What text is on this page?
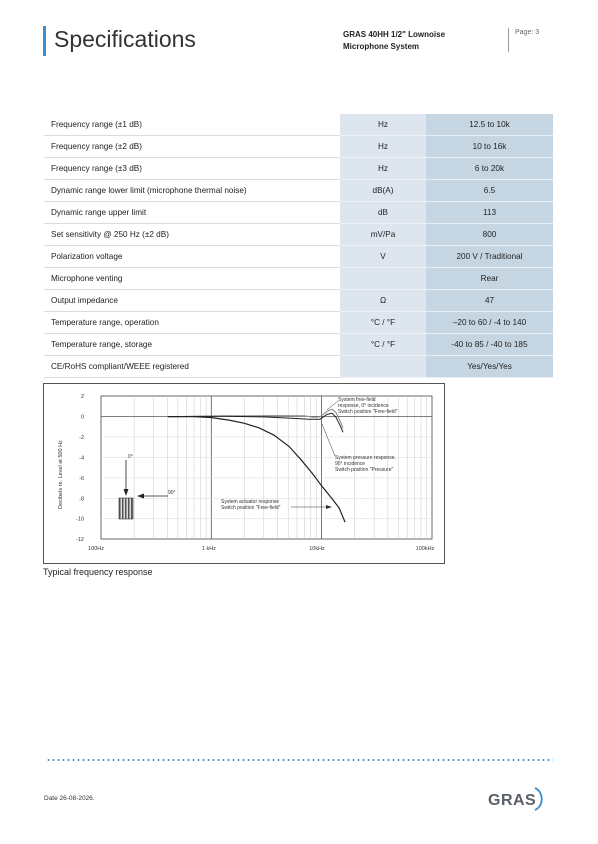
Specifications	GRAS 40HH 1/2" Lownoise
Microphone System
Page: 3
Frequency range (±1 dB)	Hz	12.5 to 10k
Frequency range (±2 dB)	Hz	10 to 16k
Frequency range (±3 dB)	Hz	6 to 20k
Dynamic range lower limit (microphone thermal noise)	dB(A)	6.5
Dynamic range upper limit	dB	113
Set sensitivity @ 250 Hz (±2 dB)	mV/Pa	800
Polarization voltage	V	200 V / Traditional
Microphone venting		Rear
Output impedance	Ω	47
Temperature range, operation	°C / °F	–20 to 60 / -4 to 140
Temperature range, storage	°C / °F	-40 to 85 / -40 to 185
CE/RoHS compliant/WEEE registered		Yes/Yes/Yes
2
0
-2
-4
-6
-8
-10
-12
Decibels re. Level at 500 Hz
100Hz	1 kHz	10kHz	100kHz
0°
90°
System free-field
response, 0° incidence
Switch position "Free-field"
System pressure response,
90° incidence
Switch position "Pressure"
System actuator response
Switch position "Free-field"
Typical frequency response
Date 26-08-2026.	GRAS
